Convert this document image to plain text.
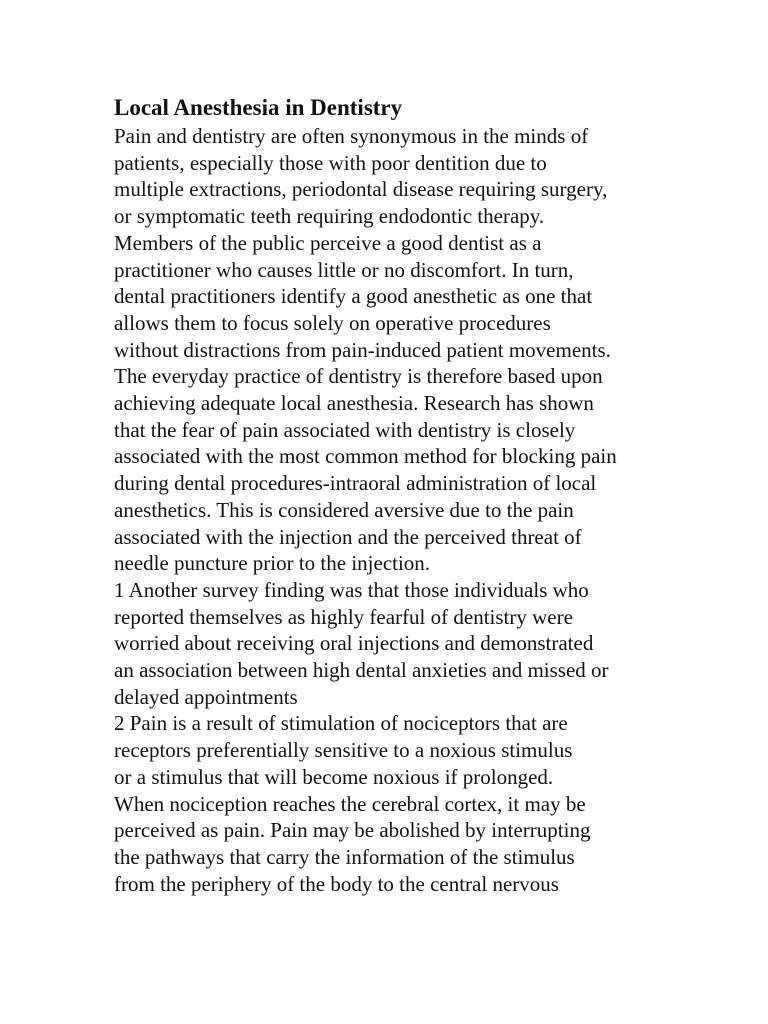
Local Anesthesia in Dentistry
Pain and dentistry are often synonymous in the minds of
patients, especially those with poor dentition due to
multiple extractions, periodontal disease requiring surgery,
or symptomatic teeth requiring endodontic therapy.
Members of the public perceive a good dentist as a
practitioner who causes little or no discomfort. In turn,
dental practitioners identify a good anesthetic as one that
allows them to focus solely on operative procedures
without distractions from pain-induced patient movements.
The everyday practice of dentistry is therefore based upon
achieving adequate local anesthesia. Research has shown
that the fear of pain associated with dentistry is closely
associated with the most common method for blocking pain
during dental procedures-intraoral administration of local
anesthetics. This is considered aversive due to the pain
associated with the injection and the perceived threat of
needle puncture prior to the injection.
1 Another survey finding was that those individuals who
reported themselves as highly fearful of dentistry were
worried about receiving oral injections and demonstrated
an association between high dental anxieties and missed or
delayed appointments
2 Pain is a result of stimulation of nociceptors that are
receptors preferentially sensitive to a noxious stimulus
or a stimulus that will become noxious if prolonged.
When nociception reaches the cerebral cortex, it may be
perceived as pain. Pain may be abolished by interrupting
the pathways that carry the information of the stimulus
from the periphery of the body to the central nervous
